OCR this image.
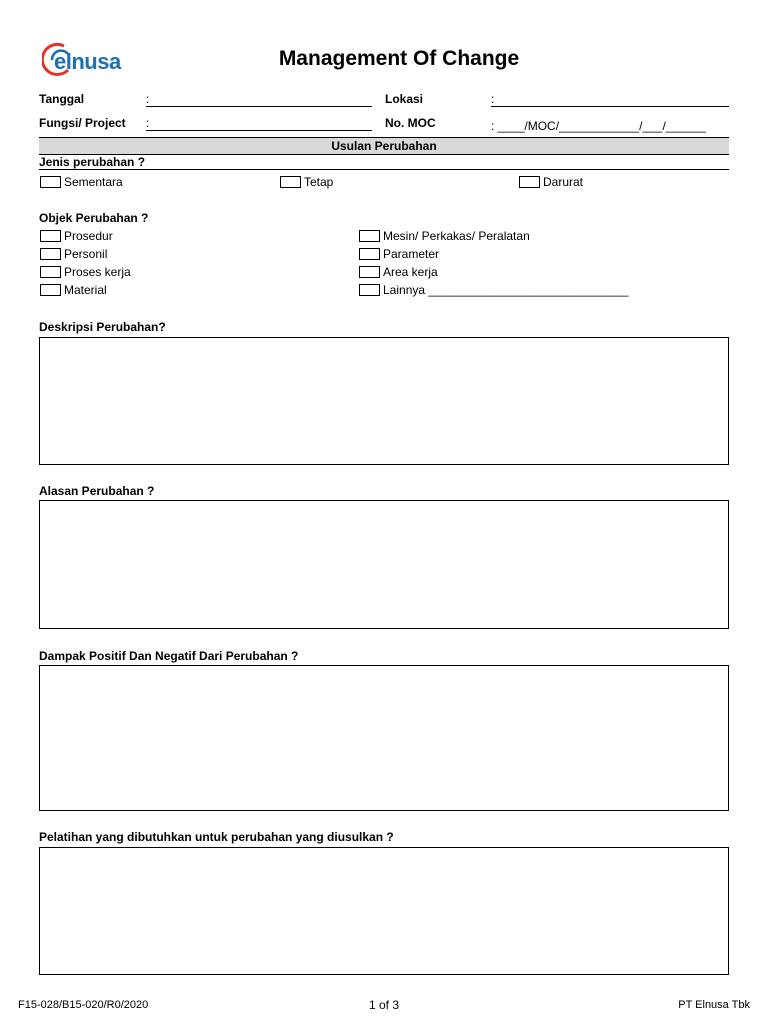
elnusa	Management Of Change
Tanggal	:	Lokasi	:
Fungsi/ Project :	No. MOC	: ____/MOC/____________/___/______
Usulan Perubahan
Jenis perubahan ?
Sementara	Tetap	Darurat
Objek Perubahan ?
Prosedur
Personil
Proses kerja
Material
Mesin/ Perkakas/ Peralatan
Parameter
Area kerja
Lainnya ______________________________
Deskripsi Perubahan?
Alasan Perubahan ?
Dampak Positif Dan Negatif Dari Perubahan ?
Pelatihan yang dibutuhkan untuk perubahan yang diusulkan ?
F15-028/B15-020/R0/2020	1 of 3	PT Elnusa Tbk
